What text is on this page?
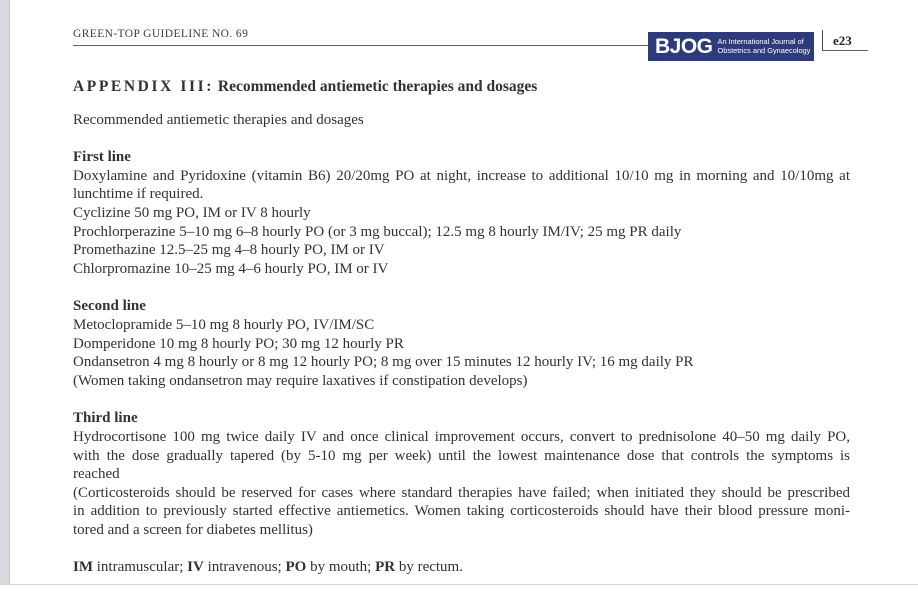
GREEN-TOP GUIDELINE NO. 69
BJOG An International Journal of
Obstetrics and Gynaecology
e23
APPENDIX III: Recommended antiemetic therapies and dosages
Recommended antiemetic therapies and dosages
First line
Doxylamine and Pyridoxine (vitamin B6) 20/20mg PO at night, increase to additional 10/10 mg in morning and 10/10mg at
lunchtime if required.
Cyclizine 50 mg PO, IM or IV 8 hourly
Prochlorperazine 5–10 mg 6–8 hourly PO (or 3 mg buccal); 12.5 mg 8 hourly IM/IV; 25 mg PR daily
Promethazine 12.5–25 mg 4–8 hourly PO, IM or IV
Chlorpromazine 10–25 mg 4–6 hourly PO, IM or IV
Second line
Metoclopramide 5–10 mg 8 hourly PO, IV/IM/SC
Domperidone 10 mg 8 hourly PO; 30 mg 12 hourly PR
Ondansetron 4 mg 8 hourly or 8 mg 12 hourly PO; 8 mg over 15 minutes 12 hourly IV; 16 mg daily PR
(Women taking ondansetron may require laxatives if constipation develops)
Third line
Hydrocortisone 100 mg twice daily IV and once clinical improvement occurs, convert to prednisolone 40–50 mg daily PO,
with the dose gradually tapered (by 5-10 mg per week) until the lowest maintenance dose that controls the symptoms is
reached
(Corticosteroids should be reserved for cases where standard therapies have failed; when initiated they should be prescribed
in addition to previously started effective antiemetics. Women taking corticosteroids should have their blood pressure moni-
tored and a screen for diabetes mellitus)
IM intramuscular; IV intravenous; PO by mouth; PR by rectum.
